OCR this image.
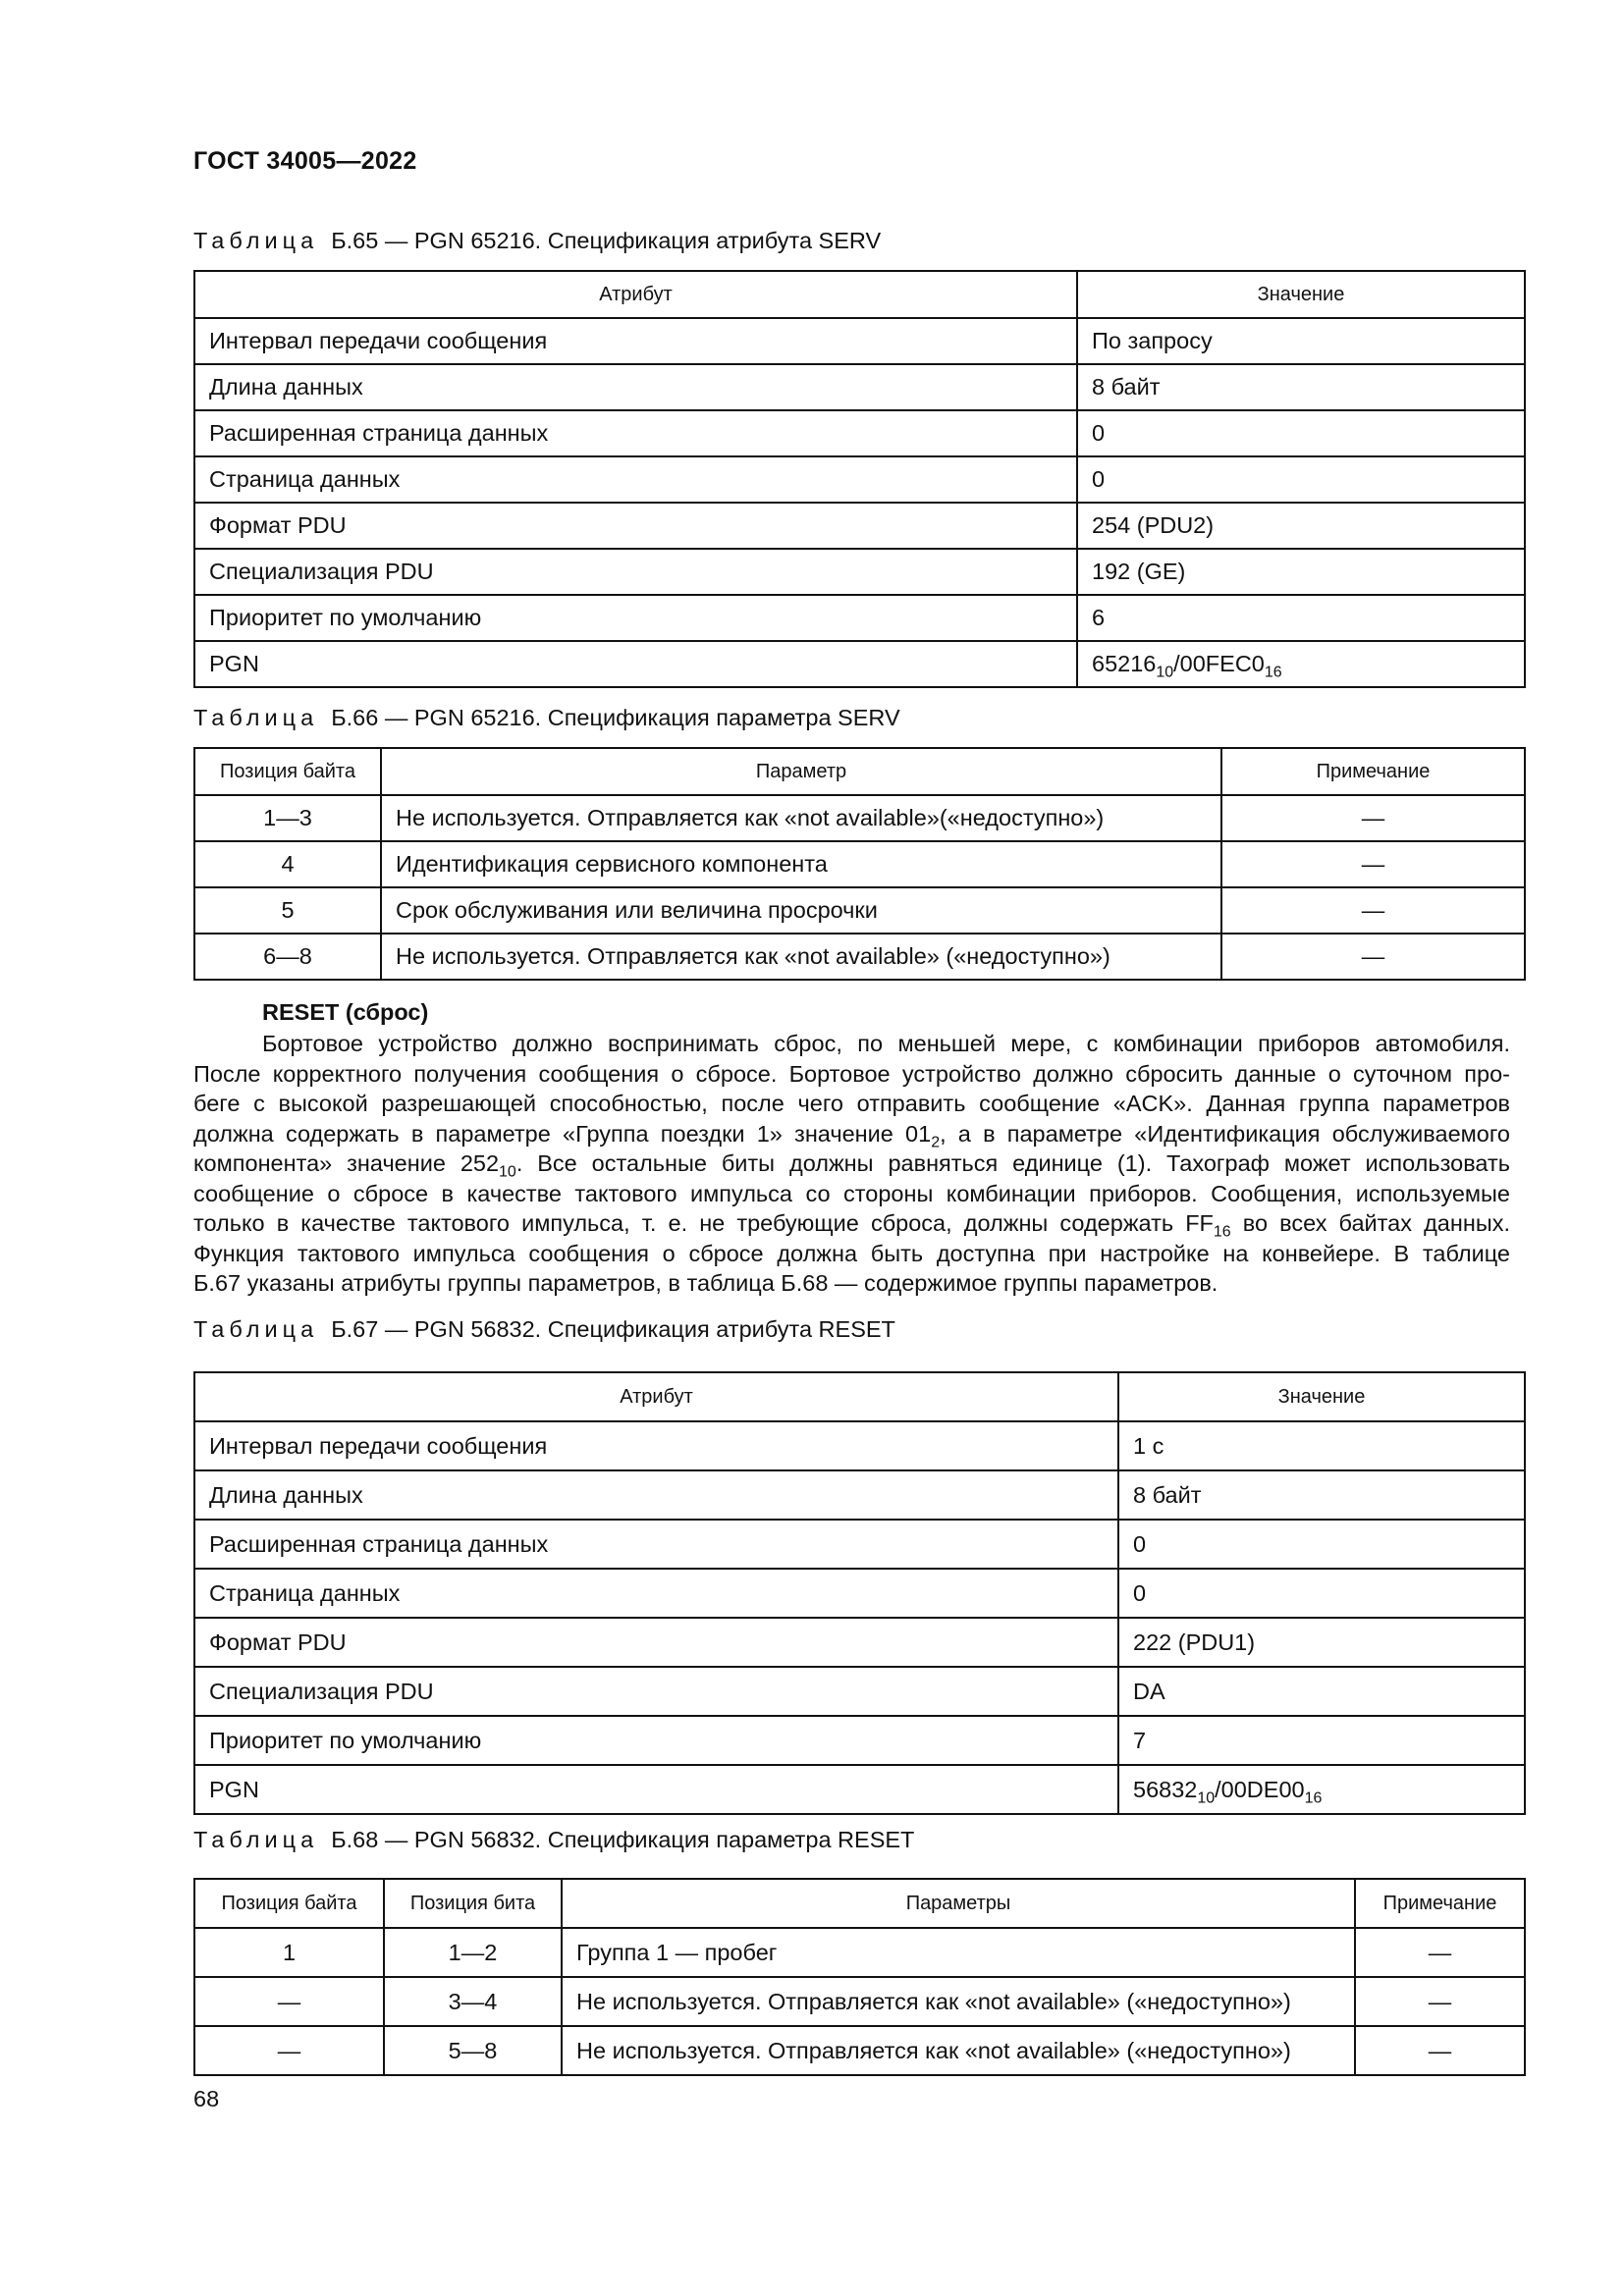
ГОСТ 34005—2022
Таблица Б.65 — PGN 65216. Спецификация атрибута SERV
Атрибут	Значение
Интервал передачи сообщения	По запросу
Длина данных	8 байт
Расширенная страница данных	0
Страница данных	0
Формат PDU	254 (PDU2)
Специализация PDU	192 (GE)
Приоритет по умолчанию	6
PGN	$65216_{10}/00FEC0_{16}$
Таблица Б.66 — PGN 65216. Спецификация параметра SERV
Позиция байта	Параметр	Примечание
1—3	Не используется. Отправляется как «not available»(«недоступно»)	—
4	Идентификация сервисного компонента	—
5	Срок обслуживания или величина просрочки	—
6—8	Не используется. Отправляется как «not available» («недоступно»)	—
RESET (сброс)
Бортовое устройство должно воспринимать сброс, по меньшей мере, с комбинации приборов автомобиля.
После корректного получения сообщения о сбросе. Бортовое устройство должно сбросить данные о суточном про-
беге с высокой разрешающей способностью, после чего отправить сообщение «ACK». Данная группа параметров
должна содержать в параметре «Группа поездки 1» значение $01_2$, а в параметре «Идентификация обслуживаемого
компонента» значение $252_{10}$. Все остальные биты должны равняться единице (1). Тахограф может использовать
сообщение о сбросе в качестве тактового импульса со стороны комбинации приборов. Сообщения, используемые
только в качестве тактового импульса, т. е. не требующие сброса, должны содержать $FF_{16}$ во всех байтах данных.
Функция тактового импульса сообщения о сбросе должна быть доступна при настройке на конвейере. В таблице
Б.67 указаны атрибуты группы параметров, в таблица Б.68 — содержимое группы параметров.
Таблица Б.67 — PGN 56832. Спецификация атрибута RESET
Атрибут	Значение
Интервал передачи сообщения	1 с
Длина данных	8 байт
Расширенная страница данных	0
Страница данных	0
Формат PDU	222 (PDU1)
Специализация PDU	DA
Приоритет по умолчанию	7
PGN	$56832_{10}/00DE00_{16}$
Таблица Б.68 — PGN 56832. Спецификация параметра RESET
Позиция байта	Позиция бита	Параметры	Примечание
1	1—2	Группа 1 — пробег	—
—	3—4	Не используется. Отправляется как «not available» («недоступно»)	—
—	5—8	Не используется. Отправляется как «not available» («недоступно»)	—
68
